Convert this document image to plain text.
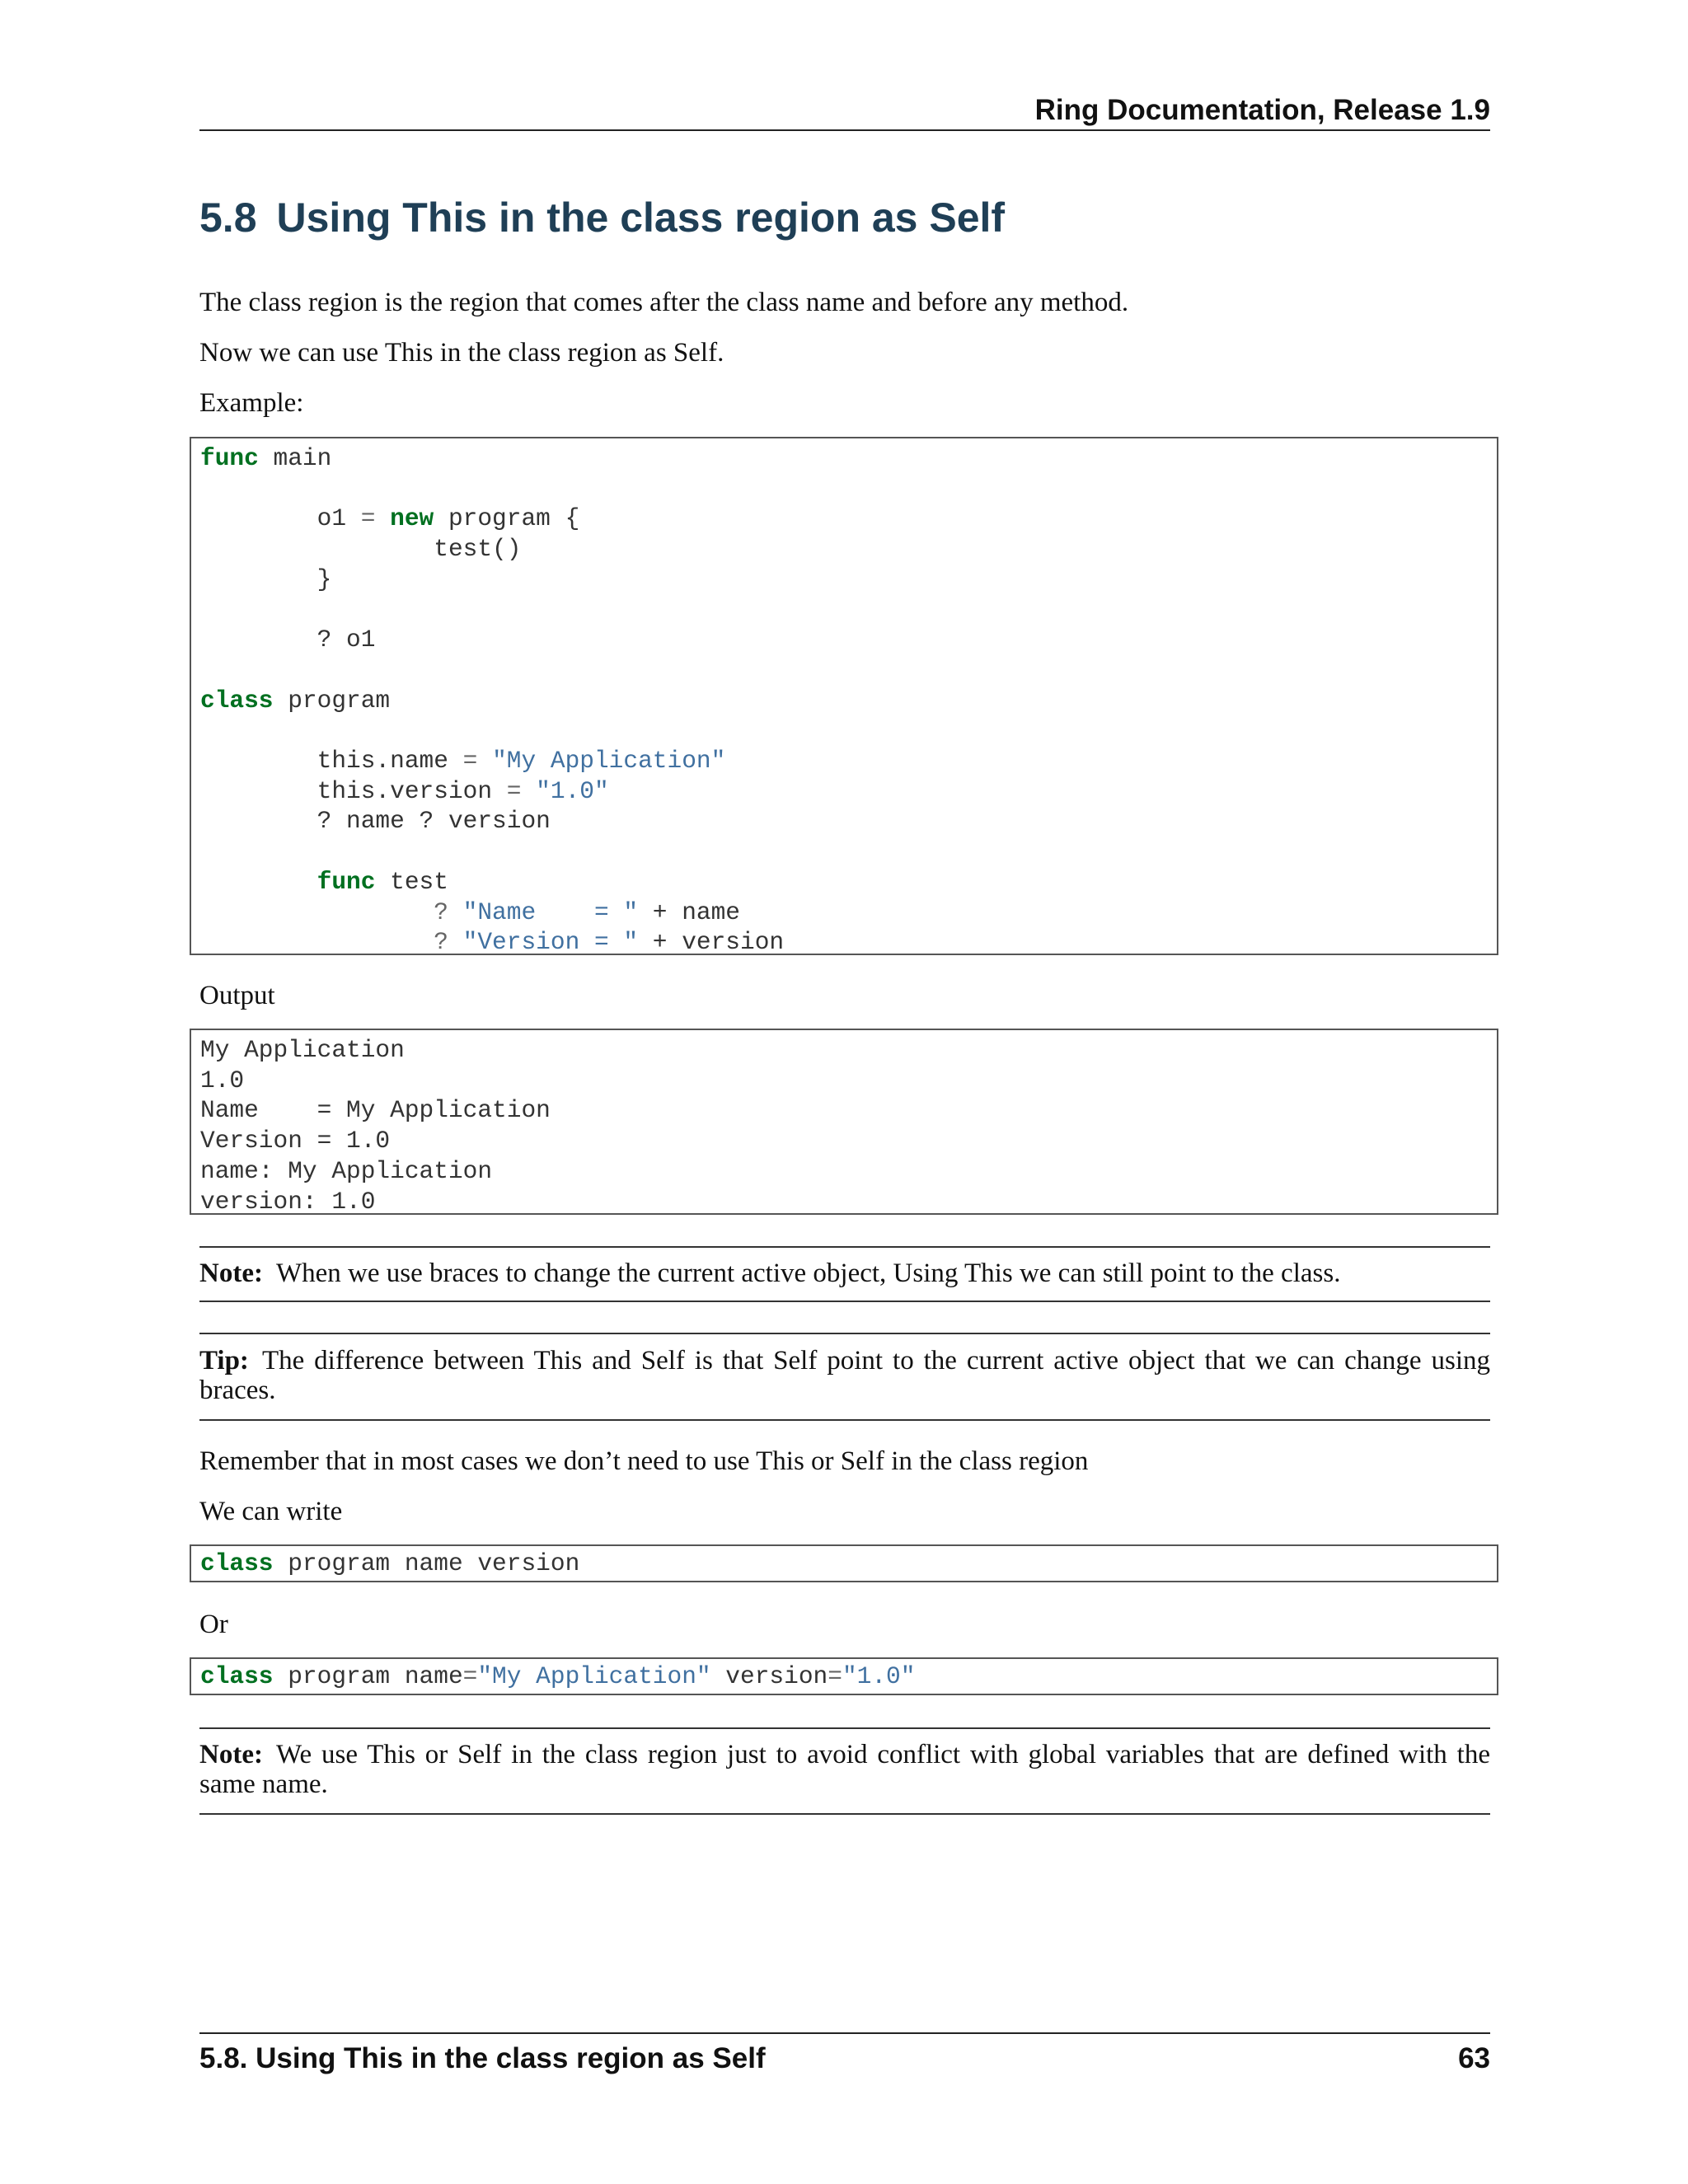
Ring Documentation, Release 1.9
5.8 Using This in the class region as Self

The class region is the region that comes after the class name and before any method.

Now we can use This in the class region as Self.

Example:

func main

o1 = new program {
test()
}

? o1

class program

this.name = "My Application"
this.version = "1.0"
? name ? version

func test
? "Name    = " + name
? "Version = " + version

Output

My Application
1.0
Name    = My Application
Version = 1.0
name: My Application
version: 1.0

Note: When we use braces to change the current active object, Using This we can still point to the class.

Tip: The difference between This and Self is that Self point to the current active object that we can change using braces.

Remember that in most cases we don’t need to use This or Self in the class region

We can write

class program name version

Or

class program name="My Application" version="1.0"

Note: We use This or Self in the class region just to avoid conflict with global variables that are defined with the same name.

5.8. Using This in the class region as Self	63
